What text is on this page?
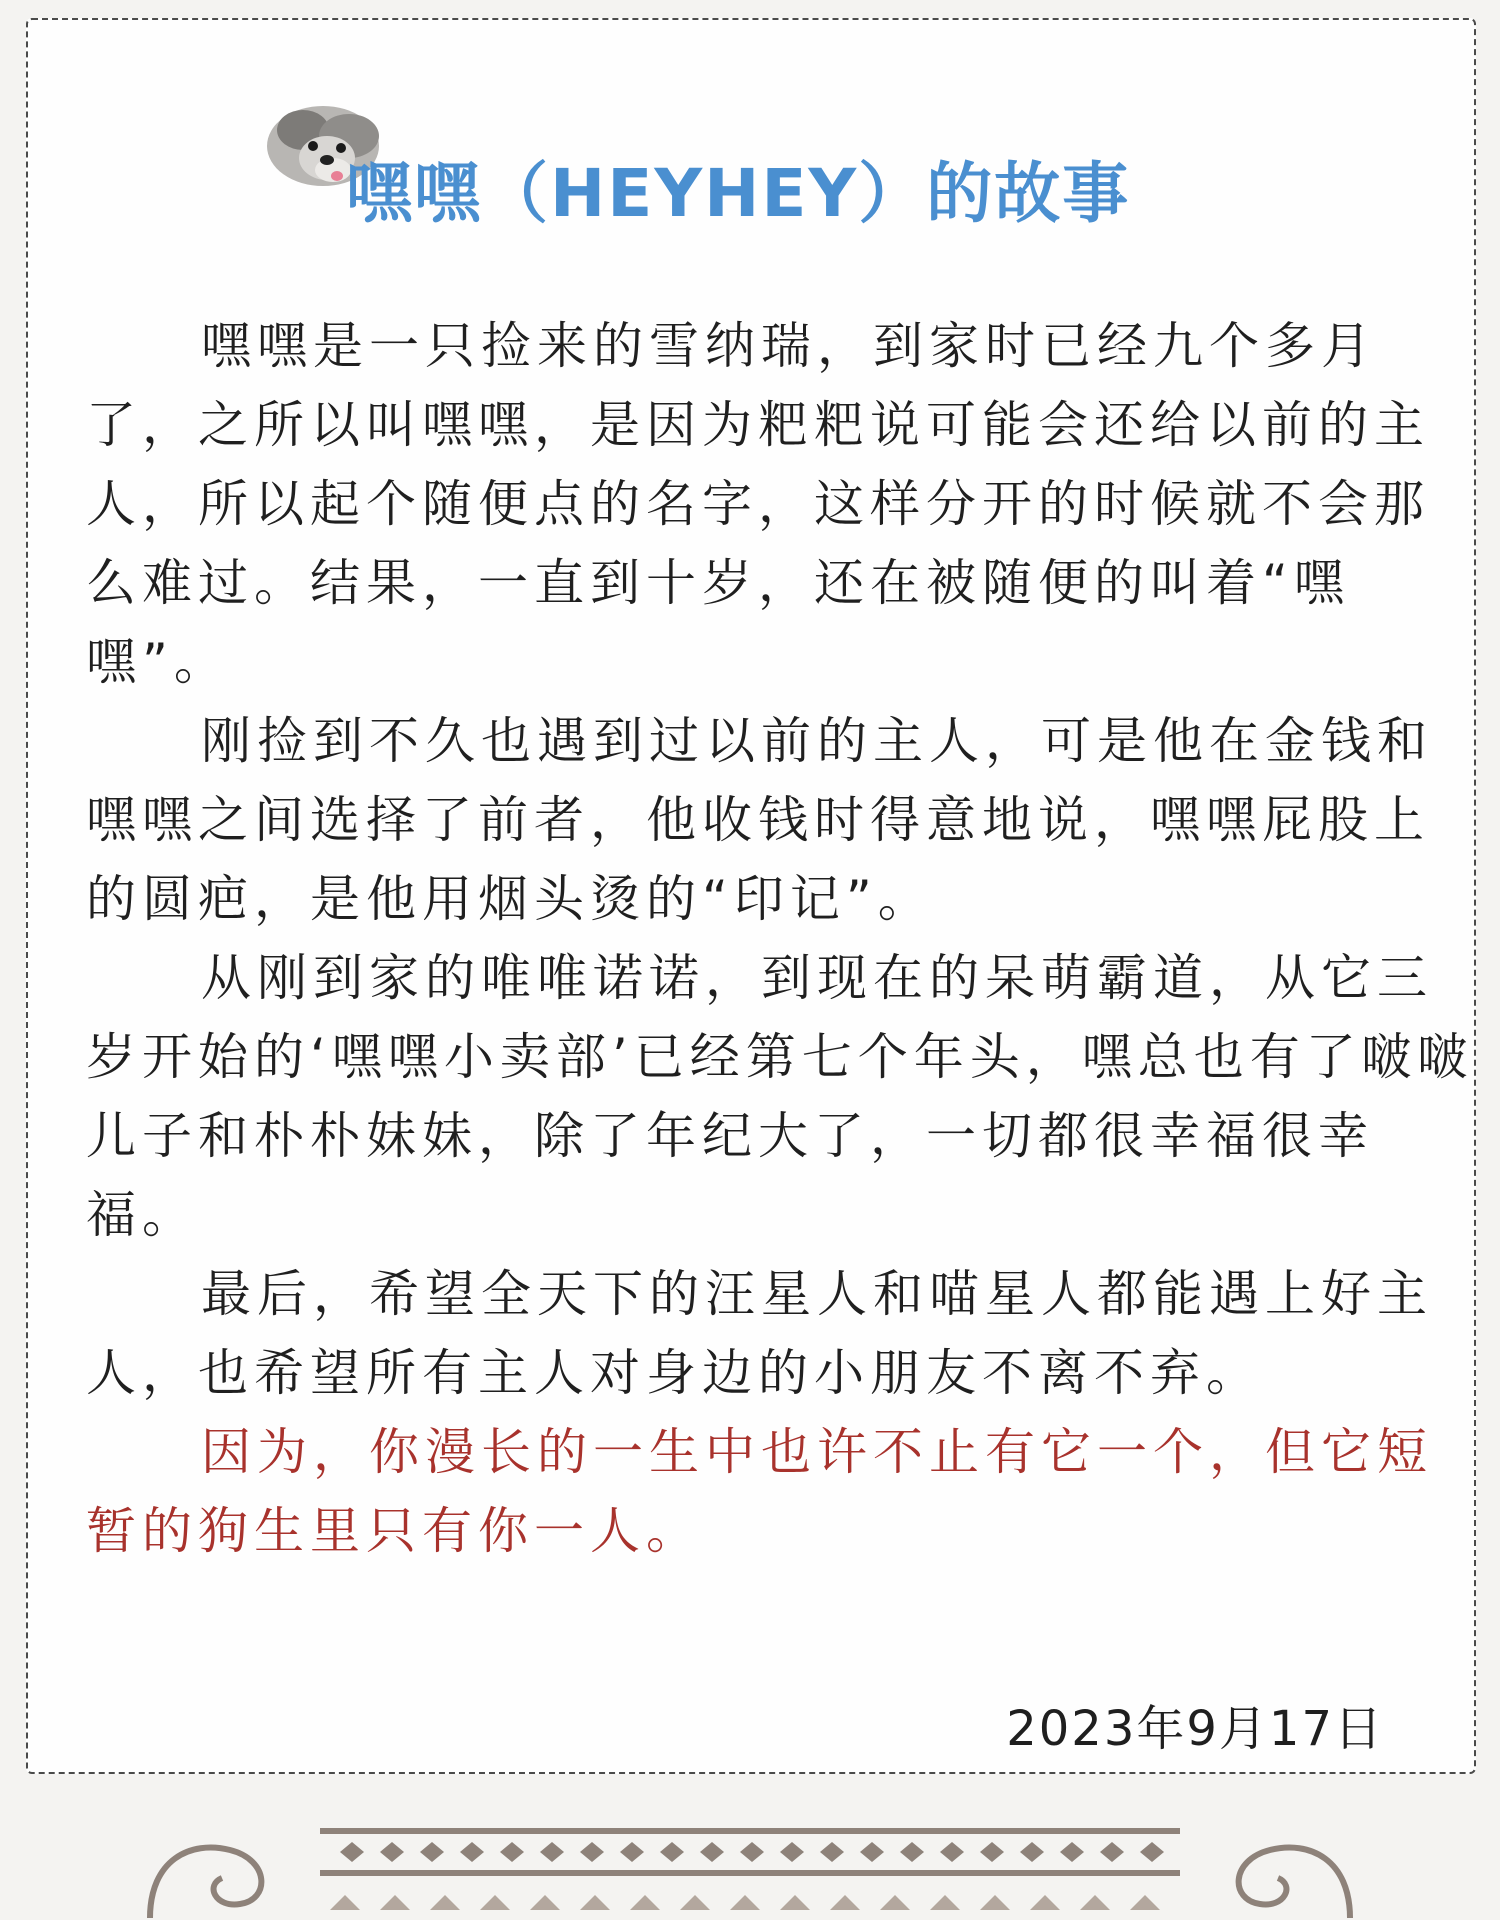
嘿嘿（HEYHEY）的故事

嘿嘿是一只捡来的雪纳瑞，到家时已经九个多月了，之所以叫嘿嘿，是因为粑粑说可能会还给以前的主人，所以起个随便点的名字，这样分开的时候就不会那么难过。结果，一直到十岁，还在被随便的叫着“嘿嘿”。

刚捡到不久也遇到过以前的主人，可是他在金钱和嘿嘿之间选择了前者，他收钱时得意地说，嘿嘿屁股上的圆疤，是他用烟头烫的“印记”。

从刚到家的唯唯诺诺，到现在的呆萌霸道，从它三岁开始的‘嘿嘿小卖部’已经第七个年头，嘿总也有了啵啵儿子和朴朴妹妹，除了年纪大了，一切都很幸福很幸福。

最后，希望全天下的汪星人和喵星人都能遇上好主人，也希望所有主人对身边的小朋友不离不弃。

因为，你漫长的一生中也许不止有它一个，但它短暂的狗生里只有你一人。

2023年9月17日
